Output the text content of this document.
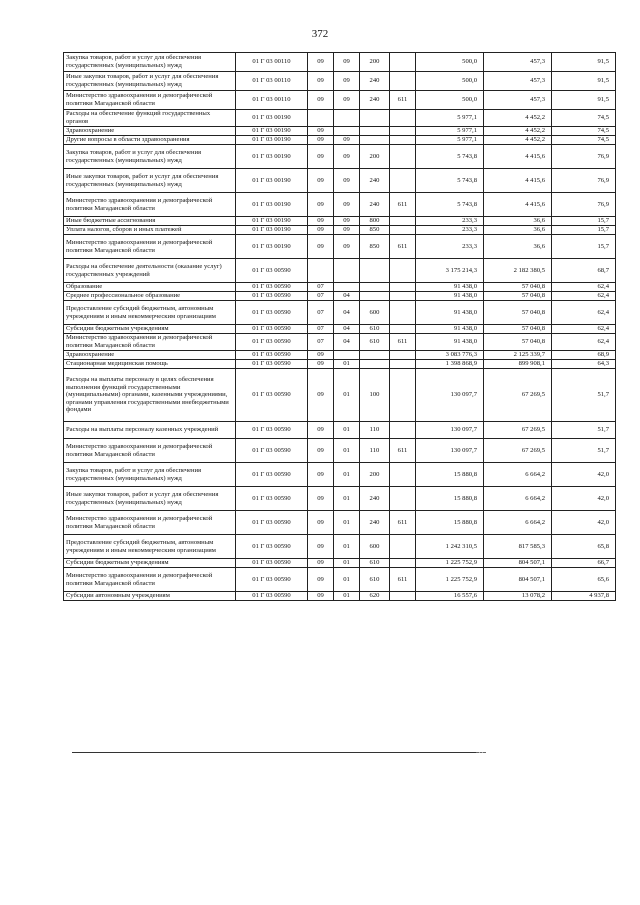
372
Закупка товаров, работ и услуг для обеспечения государственных (муниципальных) нужд	01 Г 03 00110	09	09	200		500,0	457,3	91,5
Иные закупки товаров, работ и услуг для обеспечения государственных (муниципальных) нужд	01 Г 03 00110	09	09	240		500,0	457,3	91,5
Министерство здравоохранения и демографической политики Магаданской области	01 Г 03 00110	09	09	240	611	500,0	457,3	91,5
Расходы на обеспечение функций государственных органов	01 Г 03 00190					5 977,1	4 452,2	74,5
Здравоохранение	01 Г 03 00190	09				5 977,1	4 452,2	74,5
Другие вопросы в области здравоохранения	01 Г 03 00190	09	09			5 977,1	4 452,2	74,5
Закупка товаров, работ и услуг для обеспечения государственных (муниципальных) нужд	01 Г 03 00190	09	09	200		5 743,8	4 415,6	76,9
Иные закупки товаров, работ и услуг для обеспечения государственных (муниципальных) нужд	01 Г 03 00190	09	09	240		5 743,8	4 415,6	76,9
Министерство здравоохранения и демографической политики Магаданской области	01 Г 03 00190	09	09	240	611	5 743,8	4 415,6	76,9
Иные бюджетные ассигнования	01 Г 03 00190	09	09	800		233,3	36,6	15,7
Уплата налогов, сборов и иных платежей	01 Г 03 00190	09	09	850		233,3	36,6	15,7
Министерство здравоохранения и демографической политики Магаданской области	01 Г 03 00190	09	09	850	611	233,3	36,6	15,7
Расходы на обеспечение деятельности (оказание услуг) государственных учреждений	01 Г 03 00590					3 175 214,3	2 182 380,5	68,7
Образование	01 Г 03 00590	07				91 438,0	57 040,8	62,4
Среднее профессиональное образование	01 Г 03 00590	07	04			91 438,0	57 040,8	62,4
Предоставление субсидий бюджетным, автономным учреждениям и иным некоммерческим организациям	01 Г 03 00590	07	04	600		91 438,0	57 040,8	62,4
Субсидии бюджетным учреждениям	01 Г 03 00590	07	04	610		91 438,0	57 040,8	62,4
Министерство здравоохранения и демографической политики Магаданской области	01 Г 03 00590	07	04	610	611	91 438,0	57 040,8	62,4
Здравоохранение	01 Г 03 00590	09				3 083 776,3	2 125 339,7	68,9
Стационарная медицинская помощь	01 Г 03 00590	09	01			1 398 868,9	899 908,1	64,3
Расходы на выплаты персоналу в целях обеспечения выполнения функций государственными (муниципальными) органами, казенными учреждениями, органами управления государственными внебюджетными фондами	01 Г 03 00590	09	01	100		130 097,7	67 269,5	51,7
Расходы на выплаты персоналу казенных учреждений	01 Г 03 00590	09	01	110		130 097,7	67 269,5	51,7
Министерство здравоохранения и демографической политики Магаданской области	01 Г 03 00590	09	01	110	611	130 097,7	67 269,5	51,7
Закупка товаров, работ и услуг для обеспечения государственных (муниципальных) нужд	01 Г 03 00590	09	01	200		15 880,8	6 664,2	42,0
Иные закупки товаров, работ и услуг для обеспечения государственных (муниципальных) нужд	01 Г 03 00590	09	01	240		15 880,8	6 664,2	42,0
Министерство здравоохранения и демографической политики Магаданской области	01 Г 03 00590	09	01	240	611	15 880,8	6 664,2	42,0
Предоставление субсидий бюджетным, автономным учреждениям и иным некоммерческим организациям	01 Г 03 00590	09	01	600		1 242 310,5	817 585,3	65,8
Субсидии бюджетным учреждениям	01 Г 03 00590	09	01	610		1 225 752,9	804 507,1	66,7
Министерство здравоохранения и демографической политики Магаданской области	01 Г 03 00590	09	01	610	611	1 225 752,9	804 507,1	65,6
Субсидии автономным учреждениям	01 Г 03 00590	09	01	620		16 557,6	13 078,2	4 937,8
